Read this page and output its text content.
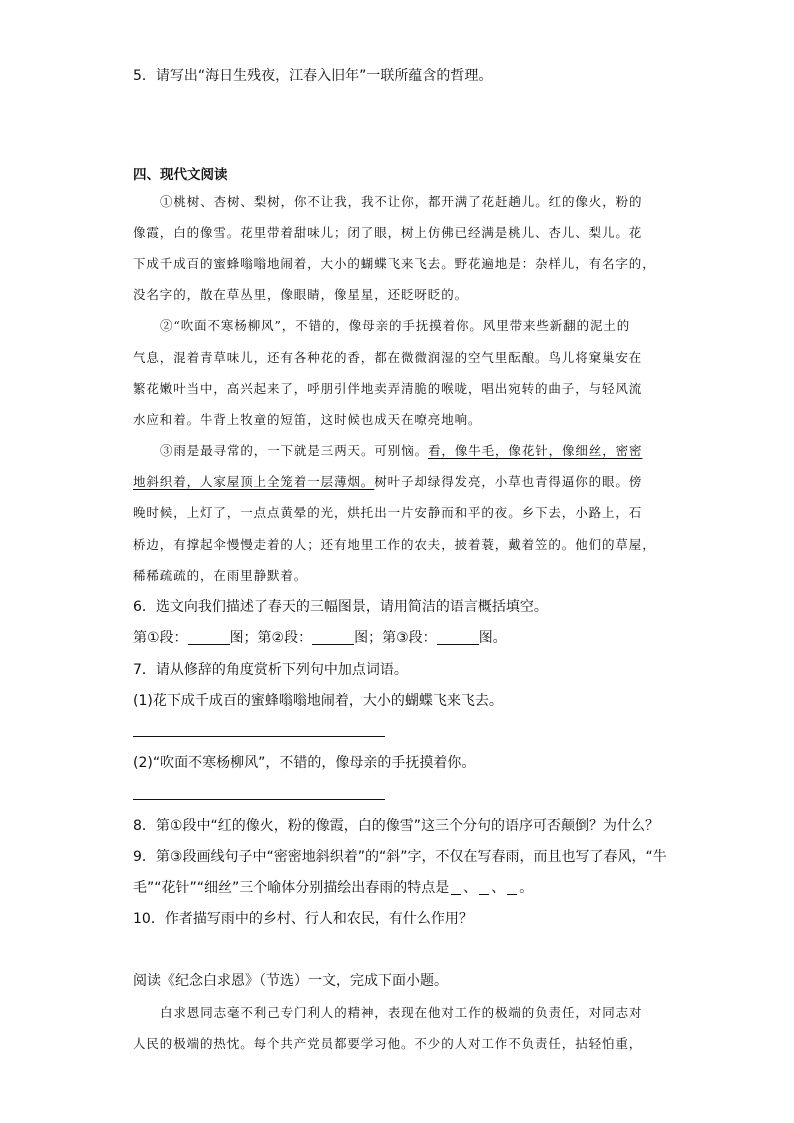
5．请写出“海日生残夜，江春入旧年”一联所蕴含的哲理。
四、现代文阅读
①桃树、杏树、梨树，你不让我，我不让你，都开满了花赶趟儿。红的像火，粉的
像霞，白的像雪。花里带着甜味儿；闭了眼，树上仿佛已经满是桃儿、杏儿、梨儿。花
下成千成百的蜜蜂嗡嗡地闹着，大小的蝴蝶飞来飞去。野花遍地是：杂样儿，有名字的，
没名字的，散在草丛里，像眼睛，像星星，还眨呀眨的。
②“吹面不寒杨柳风”，不错的，像母亲的手抚摸着你。风里带来些新翻的泥土的
气息，混着青草味儿，还有各种花的香，都在微微润湿的空气里酝酿。鸟儿将窠巢安在
繁花嫩叶当中，高兴起来了，呼朋引伴地卖弄清脆的喉咙，唱出宛转的曲子，与轻风流
水应和着。牛背上牧童的短笛，这时候也成天在嘹亮地响。
③雨是最寻常的，一下就是三两天。可别恼。看，像牛毛，像花针，像细丝，密密
地斜织着，人家屋顶上全笼着一层薄烟。树叶子却绿得发亮，小草也青得逼你的眼。傍
晚时候，上灯了，一点点黄晕的光，烘托出一片安静而和平的夜。乡下去，小路上，石
桥边，有撑起伞慢慢走着的人；还有地里工作的农夫，披着蓑，戴着笠的。他们的草屋，
稀稀疏疏的，在雨里静默着。
6．选文向我们描述了春天的三幅图景，请用简洁的语言概括填空。
第①段：	图；第②段：	图；第③段：	图。
7．请从修辞的角度赏析下列句中加点词语。
(1)花下成千成百的蜜蜂嗡嗡地闹着，大小的蝴蝶飞来飞去。
(2)“吹面不寒杨柳风”，不错的，像母亲的手抚摸着你。
8．第①段中“红的像火，粉的像霞，白的像雪”这三个分句的语序可否颠倒？为什么？
9．第③段画线句子中“密密地斜织着”的“斜”字，不仅在写春雨，而且也写了春风，“牛
毛”“花针”“细丝”三个喻体分别描绘出春雨的特点是 、 、 。
10．作者描写雨中的乡村、行人和农民，有什么作用？
阅读《纪念白求恩》（节选）一文，完成下面小题。
白求恩同志毫不利己专门利人的精神，表现在他对工作的极端的负责任，对同志对
人民的极端的热忱。每个共产党员都要学习他。不少的人对工作不负责任，拈轻怕重，
